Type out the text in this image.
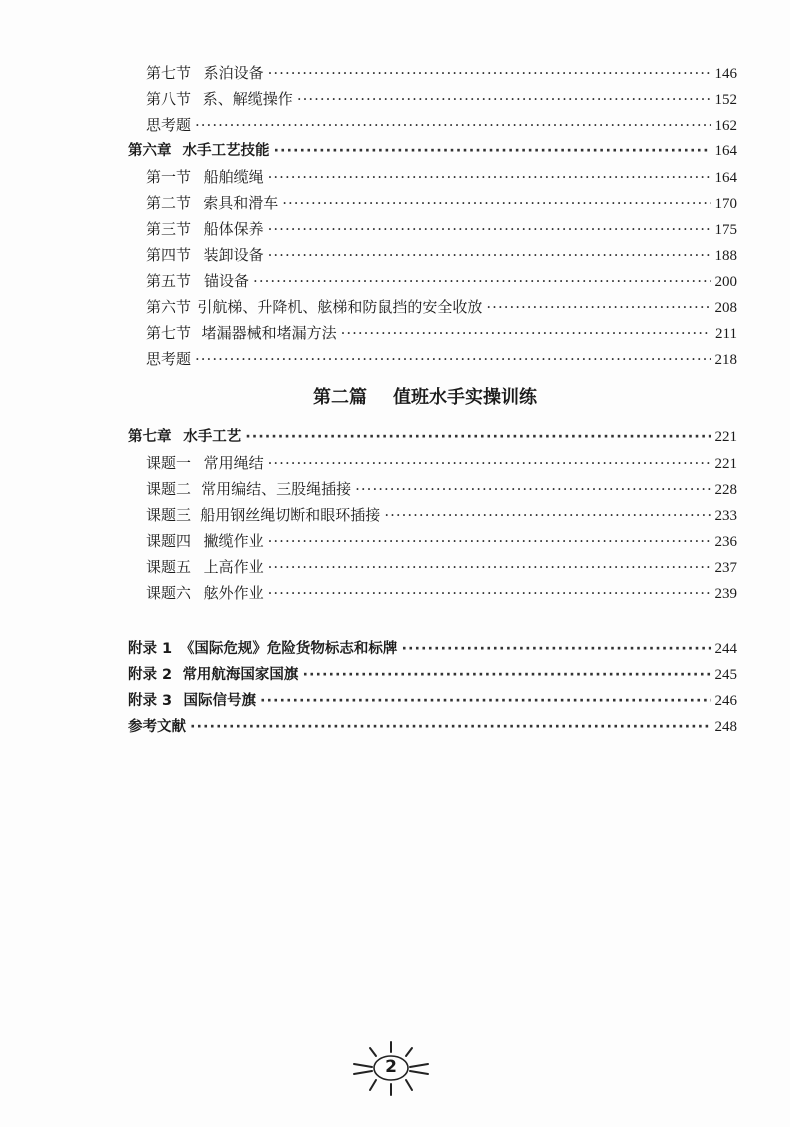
第七节 系泊设备 ·····	146
第八节 系、解缆操作 ·····	152
思考题 ·····	162
第六章 水手工艺技能 ·····	164
第一节 船舶缆绳 ·····	164
第二节 索具和滑车 ·····	170
第三节 船体保养 ·····	175
第四节 装卸设备 ·····	188
第五节 锚设备 ·····	200
第六节 引航梯、升降机、舷梯和防鼠挡的安全收放 ·····	208
第七节 堵漏器械和堵漏方法 ·····	211
思考题 ·····	218
第二篇 值班水手实操训练
第七章 水手工艺 ·····	221
课题一 常用绳结 ·····	221
课题二 常用编结、三股绳插接 ·····	228
课题三 船用钢丝绳切断和眼环插接 ·····	233
课题四 撇缆作业 ·····	236
课题五 上高作业 ·····	237
课题六 舷外作业 ·····	239
附录 1 《国际危规》危险货物标志和标牌 ·····	244
附录 2 常用航海国家国旗 ·····	245
附录 3 国际信号旗 ·····	246
参考文献 ·····	248
2
